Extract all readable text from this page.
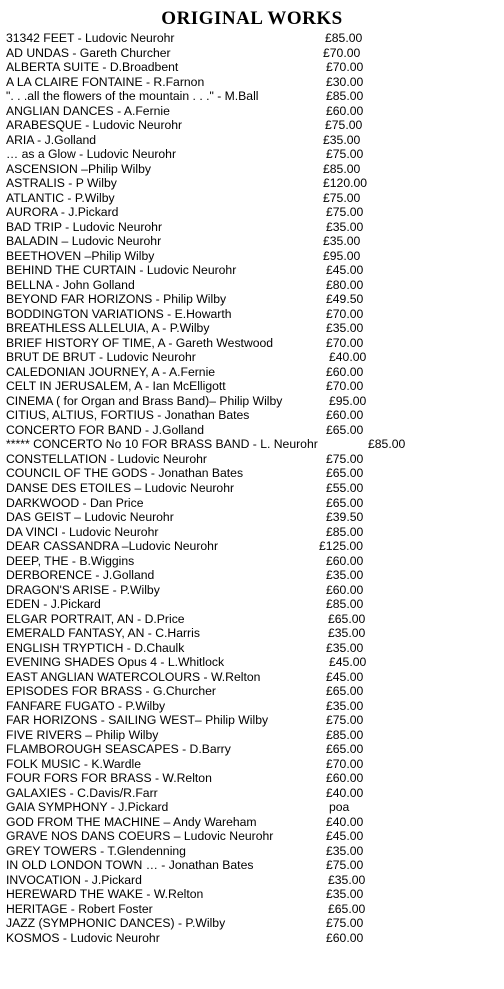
ORIGINAL WORKS
31342 FEET - Ludovic Neurohr	£85.00
AD UNDAS - Gareth Churcher	£70.00
ALBERTA SUITE - D.Broadbent	£70.00
A LA CLAIRE FONTAINE - R.Farnon	£30.00
". . .all the flowers of the mountain . . ." - M.Ball	£85.00
ANGLIAN DANCES - A.Fernie	£60.00
ARABESQUE - Ludovic Neurohr	£75.00
ARIA - J.Golland	£35.00
… as a Glow - Ludovic Neurohr	£75.00
ASCENSION –Philip Wilby	£85.00
ASTRALIS - P Wilby	£120.00
ATLANTIC - P.Wilby	£75.00
AURORA - J.Pickard	£75.00
BAD TRIP - Ludovic Neurohr	£35.00
BALADIN – Ludovic Neurohr	£35.00
BEETHOVEN –Philip Wilby	£95.00
BEHIND THE CURTAIN - Ludovic Neurohr	£45.00
BELLNA - John Golland	£80.00
BEYOND FAR HORIZONS - Philip Wilby	£49.50
BODDINGTON VARIATIONS - E.Howarth	£70.00
BREATHLESS ALLELUIA, A - P.Wilby	£35.00
BRIEF HISTORY OF TIME, A - Gareth Westwood	£70.00
BRUT DE BRUT - Ludovic Neurohr	£40.00
CALEDONIAN JOURNEY, A - A.Fernie	£60.00
CELT IN JERUSALEM, A - Ian McElligott	£70.00
CINEMA ( for Organ and Brass Band)– Philip Wilby	£95.00
CITIUS, ALTIUS, FORTIUS - Jonathan Bates	£60.00
CONCERTO FOR BAND - J.Golland	£65.00
***** CONCERTO No 10 FOR BRASS BAND - L. Neurohr	£85.00
CONSTELLATION - Ludovic Neurohr	£75.00
COUNCIL OF THE GODS - Jonathan Bates	£65.00
DANSE DES ETOILES – Ludovic Neurohr	£55.00
DARKWOOD - Dan Price	£65.00
DAS GEIST – Ludovic Neurohr	£39.50
DA VINCI - Ludovic Neurohr	£85.00
DEAR CASSANDRA –Ludovic Neurohr	£125.00
DEEP, THE - B.Wiggins	£60.00
DERBORENCE - J.Golland	£35.00
DRAGON'S ARISE - P.Wilby	£60.00
EDEN - J.Pickard	£85.00
ELGAR PORTRAIT, AN - D.Price	£65.00
EMERALD FANTASY, AN - C.Harris	£35.00
ENGLISH TRYPTICH - D.Chaulk	£35.00
EVENING SHADES Opus 4 - L.Whitlock	£45.00
EAST ANGLIAN WATERCOLOURS - W.Relton	£45.00
EPISODES FOR BRASS - G.Churcher	£65.00
FANFARE FUGATO - P.Wilby	£35.00
FAR HORIZONS - SAILING WEST– Philip Wilby	£75.00
FIVE RIVERS – Philip Wilby	£85.00
FLAMBOROUGH SEASCAPES - D.Barry	£65.00
FOLK MUSIC - K.Wardle	£70.00
FOUR FORS FOR BRASS - W.Relton	£60.00
GALAXIES - C.Davis/R.Farr	£40.00
GAIA SYMPHONY - J.Pickard	poa
GOD FROM THE MACHINE – Andy Wareham	£40.00
GRAVE NOS DANS COEURS – Ludovic Neurohr	£45.00
GREY TOWERS - T.Glendenning	£35.00
IN OLD LONDON TOWN … - Jonathan Bates	£75.00
INVOCATION - J.Pickard	£35.00
HEREWARD THE WAKE - W.Relton	£35.00
HERITAGE - Robert Foster	£65.00
JAZZ (SYMPHONIC DANCES) - P.Wilby	£75.00
KOSMOS - Ludovic Neurohr	£60.00
